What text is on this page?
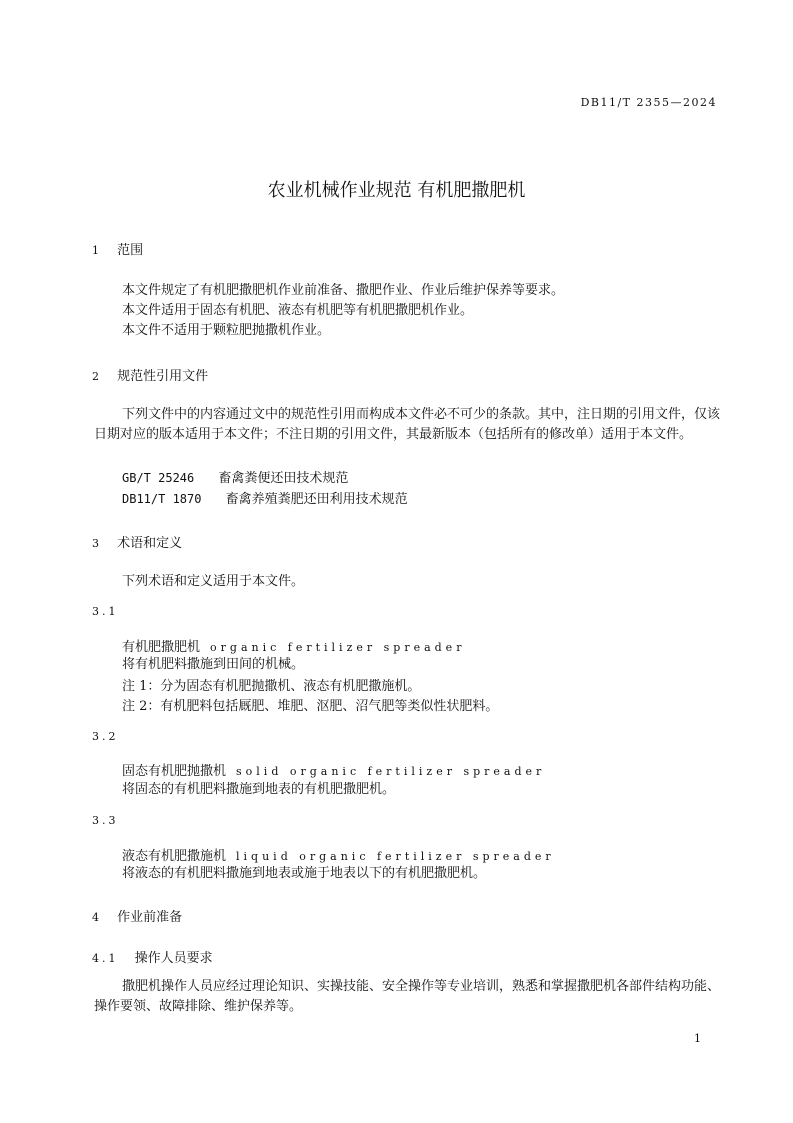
DB11/T 2355—2024
农业机械作业规范 有机肥撒肥机
1 范围
本文件规定了有机肥撒肥机作业前准备、撒肥作业、作业后维护保养等要求。
本文件适用于固态有机肥、液态有机肥等有机肥撒肥机作业。
本文件不适用于颗粒肥抛撒机作业。
2 规范性引用文件
下列文件中的内容通过文中的规范性引用而构成本文件必不可少的条款。其中，注日期的引用文件，仅该日期对应的版本适用于本文件；不注日期的引用文件，其最新版本（包括所有的修改单）适用于本文件。
GB/T 25246 畜禽粪便还田技术规范
DB11/T 1870 畜禽养殖粪肥还田利用技术规范
3 术语和定义
下列术语和定义适用于本文件。
3.1
有机肥撒肥机 organic fertilizer spreader
将有机肥料撒施到田间的机械。
注 1：分为固态有机肥抛撒机、液态有机肥撒施机。
注 2：有机肥料包括厩肥、堆肥、沤肥、沼气肥等类似性状肥料。
3.2
固态有机肥抛撒机 solid organic fertilizer spreader
将固态的有机肥料撒施到地表的有机肥撒肥机。
3.3
液态有机肥撒施机 liquid organic fertilizer spreader
将液态的有机肥料撒施到地表或施于地表以下的有机肥撒肥机。
4 作业前准备
4.1 操作人员要求
撒肥机操作人员应经过理论知识、实操技能、安全操作等专业培训，熟悉和掌握撒肥机各部件结构功能、操作要领、故障排除、维护保养等。
1
